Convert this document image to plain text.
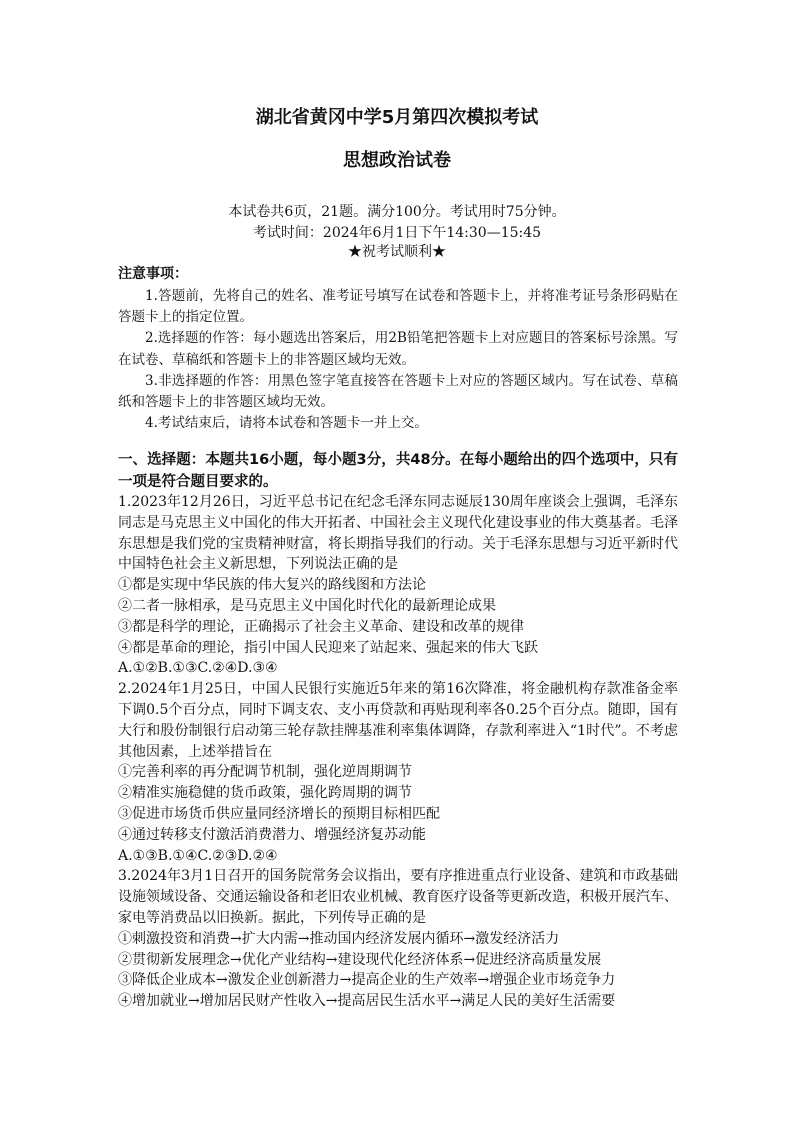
湖北省黄冈中学5月第四次模拟考试
思想政治试卷
本试卷共6页，21题。满分100分。考试用时75分钟。
考试时间：2024年6月1日下午14:30—15:45
★祝考试顺利★
注意事项：

1.答题前，先将自己的姓名、准考证号填写在试卷和答题卡上，并将准考证号条形码贴在答题卡上的指定位置。

2.选择题的作答：每小题选出答案后，用2B铅笔把答题卡上对应题目的答案标号涂黑。写在试卷、草稿纸和答题卡上的非答题区域均无效。

3.非选择题的作答：用黑色签字笔直接答在答题卡上对应的答题区域内。写在试卷、草稿纸和答题卡上的非答题区域均无效。

4.考试结束后，请将本试卷和答题卡一并上交。

一、选择题：本题共16小题，每小题3分，共48分。在每小题给出的四个选项中，只有一项是符合题目要求的。

1.2023年12月26日，习近平总书记在纪念毛泽东同志诞辰130周年座谈会上强调，毛泽东同志是马克思主义中国化的伟大开拓者、中国社会主义现代化建设事业的伟大奠基者。毛泽东思想是我们党的宝贵精神财富，将长期指导我们的行动。关于毛泽东思想与习近平新时代中国特色社会主义新思想，下列说法正确的是

①都是实现中华民族的伟大复兴的路线图和方法论

②二者一脉相承，是马克思主义中国化时代化的最新理论成果

③都是科学的理论，正确揭示了社会主义革命、建设和改革的规律

④都是革命的理论，指引中国人民迎来了站起来、强起来的伟大飞跃

A.①②B.①③C.②④D.③④

2.2024年1月25日，中国人民银行实施近5年来的第16次降准，将金融机构存款准备金率下调0.5个百分点，同时下调支农、支小再贷款和再贴现利率各0.25个百分点。随即，国有大行和股份制银行启动第三轮存款挂牌基准利率集体调降，存款利率进入“1时代”。不考虑其他因素，上述举措旨在

①完善利率的再分配调节机制，强化逆周期调节

②精准实施稳健的货币政策，强化跨周期的调节

③促进市场货币供应量同经济增长的预期目标相匹配

④通过转移支付激活消费潜力、增强经济复苏动能

A.①③B.①④C.②③D.②④

3.2024年3月1日召开的国务院常务会议指出，要有序推进重点行业设备、建筑和市政基础设施领域设备、交通运输设备和老旧农业机械、教育医疗设备等更新改造，积极开展汽车、家电等消费品以旧换新。据此，下列传导正确的是

①刺激投资和消费→扩大内需→推动国内经济发展内循环→激发经济活力

②贯彻新发展理念→优化产业结构→建设现代化经济体系→促进经济高质量发展

③降低企业成本→激发企业创新潜力→提高企业的生产效率→增强企业市场竞争力

④增加就业→增加居民财产性收入→提高居民生活水平→满足人民的美好生活需要
